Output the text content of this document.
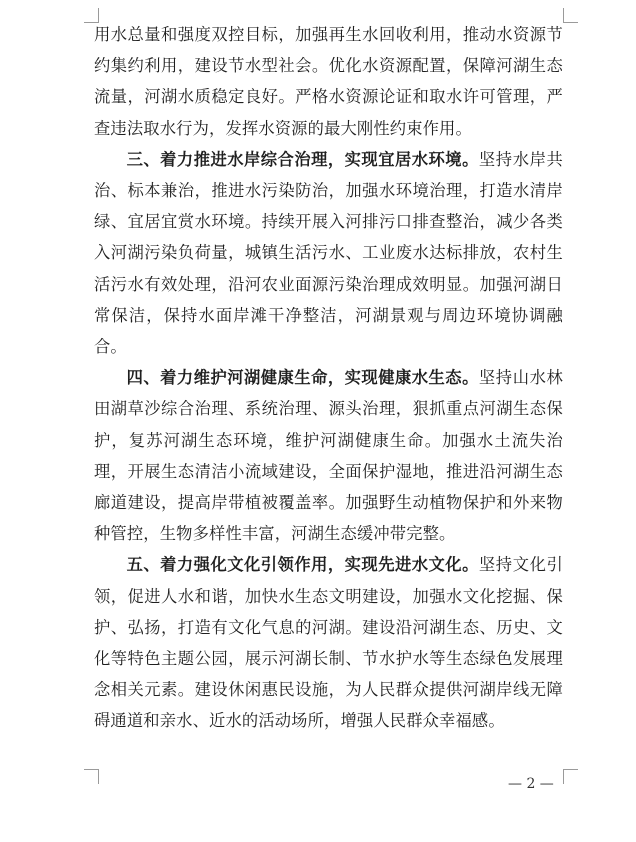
用水总量和强度双控目标，加强再生水回收利用，推动水资源节约集约利用，建设节水型社会。优化水资源配置，保障河湖生态流量，河湖水质稳定良好。严格水资源论证和取水许可管理，严查违法取水行为，发挥水资源的最大刚性约束作用。

三、着力推进水岸综合治理，实现宜居水环境。坚持水岸共治、标本兼治，推进水污染防治，加强水环境治理，打造水清岸绿、宜居宜赏水环境。持续开展入河排污口排查整治，减少各类入河湖污染负荷量，城镇生活污水、工业废水达标排放，农村生活污水有效处理，沿河农业面源污染治理成效明显。加强河湖日常保洁，保持水面岸滩干净整洁，河湖景观与周边环境协调融合。

四、着力维护河湖健康生命，实现健康水生态。坚持山水林田湖草沙综合治理、系统治理、源头治理，狠抓重点河湖生态保护，复苏河湖生态环境，维护河湖健康生命。加强水土流失治理，开展生态清洁小流域建设，全面保护湿地，推进沿河湖生态廊道建设，提高岸带植被覆盖率。加强野生动植物保护和外来物种管控，生物多样性丰富，河湖生态缓冲带完整。

五、着力强化文化引领作用，实现先进水文化。坚持文化引领，促进人水和谐，加快水生态文明建设，加强水文化挖掘、保护、弘扬，打造有文化气息的河湖。建设沿河湖生态、历史、文化等特色主题公园，展示河湖长制、节水护水等生态绿色发展理念相关元素。建设休闲惠民设施，为人民群众提供河湖岸线无障碍通道和亲水、近水的活动场所，增强人民群众幸福感。

— 2 —
